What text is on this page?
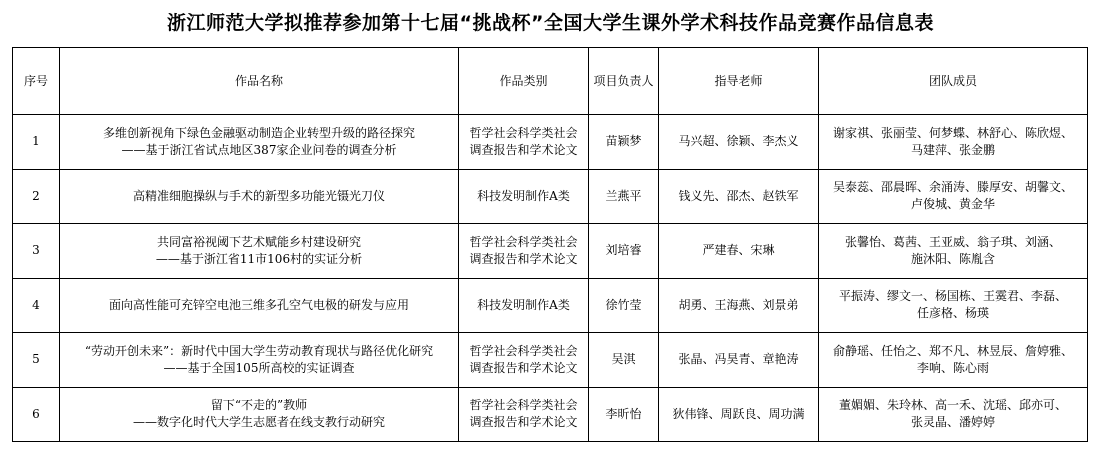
浙江师范大学拟推荐参加第十七届“挑战杯”全国大学生课外学术科技作品竞赛作品信息表
序号	作品名称	作品类别	项目负责人	指导老师	团队成员
1	多维创新视角下绿色金融驱动制造企业转型升级的路径探究
——基于浙江省试点地区387家企业问卷的调查分析	哲学社会科学类社会
调查报告和学术论文	苗颖梦	马兴超、徐颖、李杰义	谢家祺、张丽莹、何梦蝶、林舒心、陈欣煜、
马建萍、张金鹏

2	高精准细胞操纵与手术的新型多功能光镊光刀仪	科技发明制作A类	兰燕平	钱义先、邵杰、赵铁军	吴泰蕊、邵晨晖、余涌涛、滕厚安、胡馨文、
卢俊城、黄金华

3	共同富裕视阈下艺术赋能乡村建设研究
——基于浙江省11市106村的实证分析	哲学社会科学类社会
调查报告和学术论文	刘培睿	严建春、宋琳	张馨怡、葛茜、王亚威、翁子琪、刘涵、
施沐阳、陈胤含

4	面向高性能可充锌空电池三维多孔空气电极的研发与应用	科技发明制作A类	徐竹莹	胡勇、王海燕、刘景弟	平振涛、缪文一、杨国栋、王霙君、李磊、
任彦格、杨瑛

5	“劳动开创未来”：新时代中国大学生劳动教育现状与路径优化研究
——基于全国105所高校的实证调查	哲学社会科学类社会
调查报告和学术论文	吴淇	张晶、冯昊青、章艳涛	俞静瑶、任怡之、郑不凡、林昱辰、詹婷雅、
李响、陈心雨

6	留下“不走的”教师
——数字化时代大学生志愿者在线支教行动研究	哲学社会科学类社会
调查报告和学术论文	李昕怡	狄伟锋、周跃良、周功满	董媚媚、朱玲林、高一禾、沈瑶、邱亦可、
张灵晶、潘婷婷
